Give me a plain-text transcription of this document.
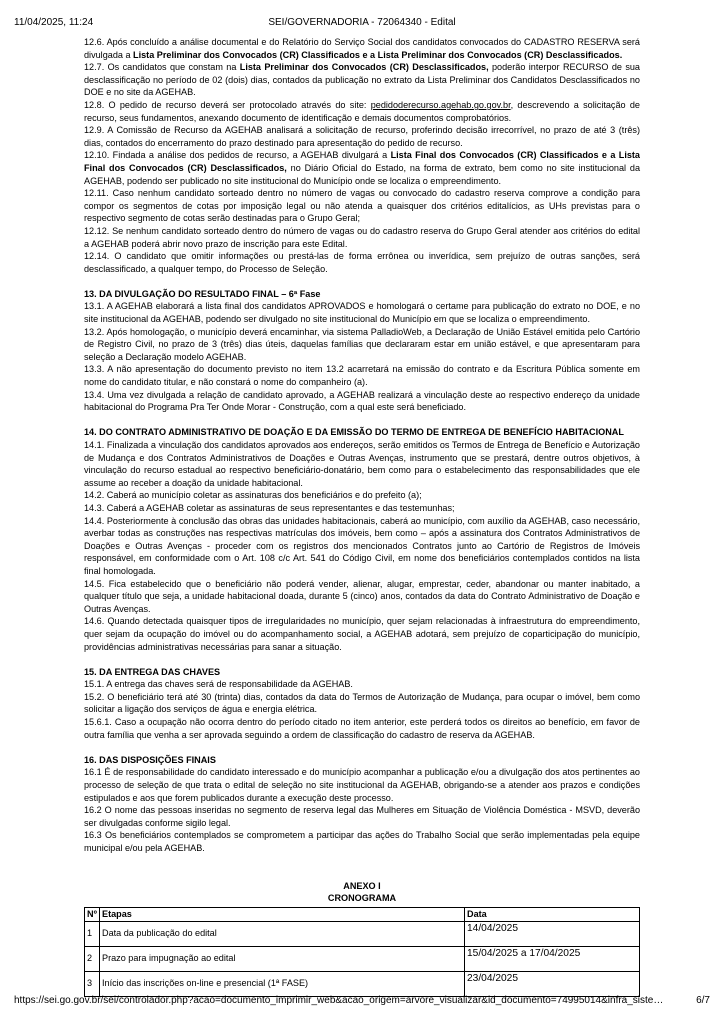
11/04/2025, 11:24	SEI/GOVERNADORIA - 72064340 - Edital

12.6. Após concluído a análise documental e do Relatório do Serviço Social dos candidatos convocados do CADASTRO RESERVA será divulgada a Lista Preliminar dos Convocados (CR) Classificados e a Lista Preliminar dos Convocados (CR) Desclassificados.

12.7. Os candidatos que constam na Lista Preliminar dos Convocados (CR) Desclassificados, poderão interpor RECURSO de sua desclassificação no período de 02 (dois) dias, contados da publicação no extrato da Lista Preliminar dos Candidatos Desclassificados no DOE e no site da AGEHAB.

12.8. O pedido de recurso deverá ser protocolado através do site: pedidoderecurso.agehab.go.gov.br, descrevendo a solicitação de recurso, seus fundamentos, anexando documento de identificação e demais documentos comprobatórios.

12.9. A Comissão de Recurso da AGEHAB analisará a solicitação de recurso, proferindo decisão irrecorrível, no prazo de até 3 (três) dias, contados do encerramento do prazo destinado para apresentação do pedido de recurso.

12.10. Findada a análise dos pedidos de recurso, a AGEHAB divulgará a Lista Final dos Convocados (CR) Classificados e a Lista Final dos Convocados (CR) Desclassificados, no Diário Oficial do Estado, na forma de extrato, bem como no site institucional da AGEHAB, podendo ser publicado no site institucional do Município onde se localiza o empreendimento.

12.11. Caso nenhum candidato sorteado dentro no número de vagas ou convocado do cadastro reserva comprove a condição para compor os segmentos de cotas por imposição legal ou não atenda a quaisquer dos critérios editalícios, as UHs previstas para o respectivo segmento de cotas serão destinadas para o Grupo Geral;

12.12. Se nenhum candidato sorteado dentro do número de vagas ou do cadastro reserva do Grupo Geral atender aos critérios do edital a AGEHAB poderá abrir novo prazo de inscrição para este Edital.

12.14. O candidato que omitir informações ou prestá-las de forma errônea ou inverídica, sem prejuízo de outras sanções, será desclassificado, a qualquer tempo, do Processo de Seleção.

13. DA DIVULGAÇÃO DO RESULTADO FINAL – 6ª Fase

13.1. A AGEHAB elaborará a lista final dos candidatos APROVADOS e homologará o certame para publicação do extrato no DOE, e no site institucional da AGEHAB, podendo ser divulgado no site institucional do Município em que se localiza o empreendimento.

13.2. Após homologação, o município deverá encaminhar, via sistema PalladioWeb, a Declaração de União Estável emitida pelo Cartório de Registro Civil, no prazo de 3 (três) dias úteis, daquelas famílias que declararam estar em união estável, e que apresentaram para seleção a Declaração modelo AGEHAB.

13.3. A não apresentação do documento previsto no item 13.2 acarretará na emissão do contrato e da Escritura Pública somente em nome do candidato titular, e não constará o nome do companheiro (a).

13.4. Uma vez divulgada a relação de candidato aprovado, a AGEHAB realizará a vinculação deste ao respectivo endereço da unidade habitacional do Programa Pra Ter Onde Morar - Construção, com a qual este será beneficiado.

14. DO CONTRATO ADMINISTRATIVO DE DOAÇÃO E DA EMISSÃO DO TERMO DE ENTREGA DE BENEFÍCIO HABITACIONAL

14.1. Finalizada a vinculação dos candidatos aprovados aos endereços, serão emitidos os Termos de Entrega de Benefício e Autorização de Mudança e dos Contratos Administrativos de Doações e Outras Avenças, instrumento que se prestará, dentre outros objetivos, à vinculação do recurso estadual ao respectivo beneficiário-donatário, bem como para o estabelecimento das responsabilidades que ele assume ao receber a doação da unidade habitacional.

14.2. Caberá ao município coletar as assinaturas dos beneficiários e do prefeito (a);

14.3. Caberá a AGEHAB coletar as assinaturas de seus representantes e das testemunhas;

14.4. Posteriormente à conclusão das obras das unidades habitacionais, caberá ao município, com auxílio da AGEHAB, caso necessário, averbar todas as construções nas respectivas matrículas dos imóveis, bem como – após a assinatura dos Contratos Administrativos de Doações e Outras Avenças - proceder com os registros dos mencionados Contratos junto ao Cartório de Registros de Imóveis responsável, em conformidade com o Art. 108 c/c Art. 541 do Código Civil, em nome dos beneficiários contemplados contidos na lista final homologada.

14.5. Fica estabelecido que o beneficiário não poderá vender, alienar, alugar, emprestar, ceder, abandonar ou manter inabitado, a qualquer título que seja, a unidade habitacional doada, durante 5 (cinco) anos, contados da data do Contrato Administrativo de Doação e Outras Avenças.

14.6. Quando detectada quaisquer tipos de irregularidades no município, quer sejam relacionadas à infraestrutura do empreendimento, quer sejam da ocupação do imóvel ou do acompanhamento social, a AGEHAB adotará, sem prejuízo de coparticipação do município, providências administrativas necessárias para sanar a situação.

15. DA ENTREGA DAS CHAVES

15.1. A entrega das chaves será de responsabilidade da AGEHAB.

15.2. O beneficiário terá até 30 (trinta) dias, contados da data do Termos de Autorização de Mudança, para ocupar o imóvel, bem como solicitar a ligação dos serviços de água e energia elétrica.

15.6.1. Caso a ocupação não ocorra dentro do período citado no item anterior, este perderá todos os direitos ao benefício, em favor de outra família que venha a ser aprovada seguindo a ordem de classificação do cadastro de reserva da AGEHAB.

16. DAS DISPOSIÇÕES FINAIS

16.1 É de responsabilidade do candidato interessado e do município acompanhar a publicação e/ou a divulgação dos atos pertinentes ao processo de seleção de que trata o edital de seleção no site institucional da AGEHAB, obrigando-se a atender aos prazos e condições estipulados e aos que forem publicados durante a execução deste processo.

16.2 O nome das pessoas inseridas no segmento de reserva legal das Mulheres em Situação de Violência Doméstica - MSVD, deverão ser divulgadas conforme sigilo legal.

16.3 Os beneficiários contemplados se comprometem a participar das ações do Trabalho Social que serão implementadas pela equipe municipal e/ou pela AGEHAB.

ANEXO I

CRONOGRAMA

Nº	Etapas	Data
1	Data da publicação do edital	14/04/2025
2	Prazo para impugnação ao edital	15/04/2025 a 17/04/2025
3	Início das inscrições on-line e presencial (1ª FASE)	23/04/2025
https://sei.go.gov.br/sei/controlador.php?acao=documento_imprimir_web&acao_origem=arvore_visualizar&id_documento=74995014&infra_siste…	6/7
